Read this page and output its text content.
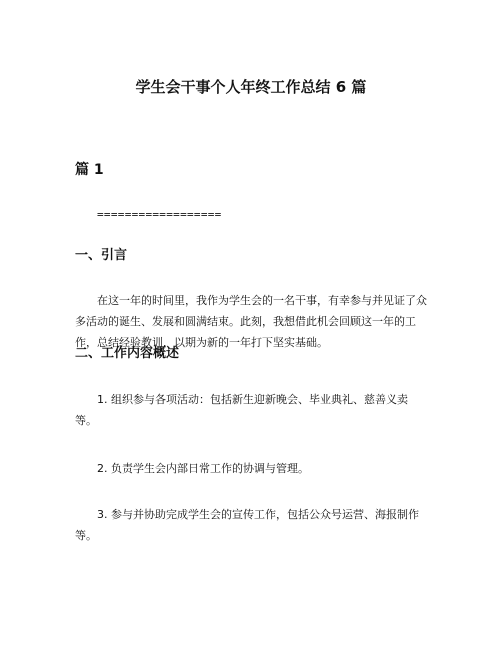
学生会干事个人年终工作总结 6 篇
篇 1
==================
一、引言

在这一年的时间里，我作为学生会的一名干事，有幸参与并见证了众多活动的诞生、发展和圆满结束。此刻，我想借此机会回顾这一年的工作，总结经验教训，以期为新的一年打下坚实基础。

二、工作内容概述

1. 组织参与各项活动：包括新生迎新晚会、毕业典礼、慈善义卖等。

2. 负责学生会内部日常工作的协调与管理。

3. 参与并协助完成学生会的宣传工作，包括公众号运营、海报制作等。
